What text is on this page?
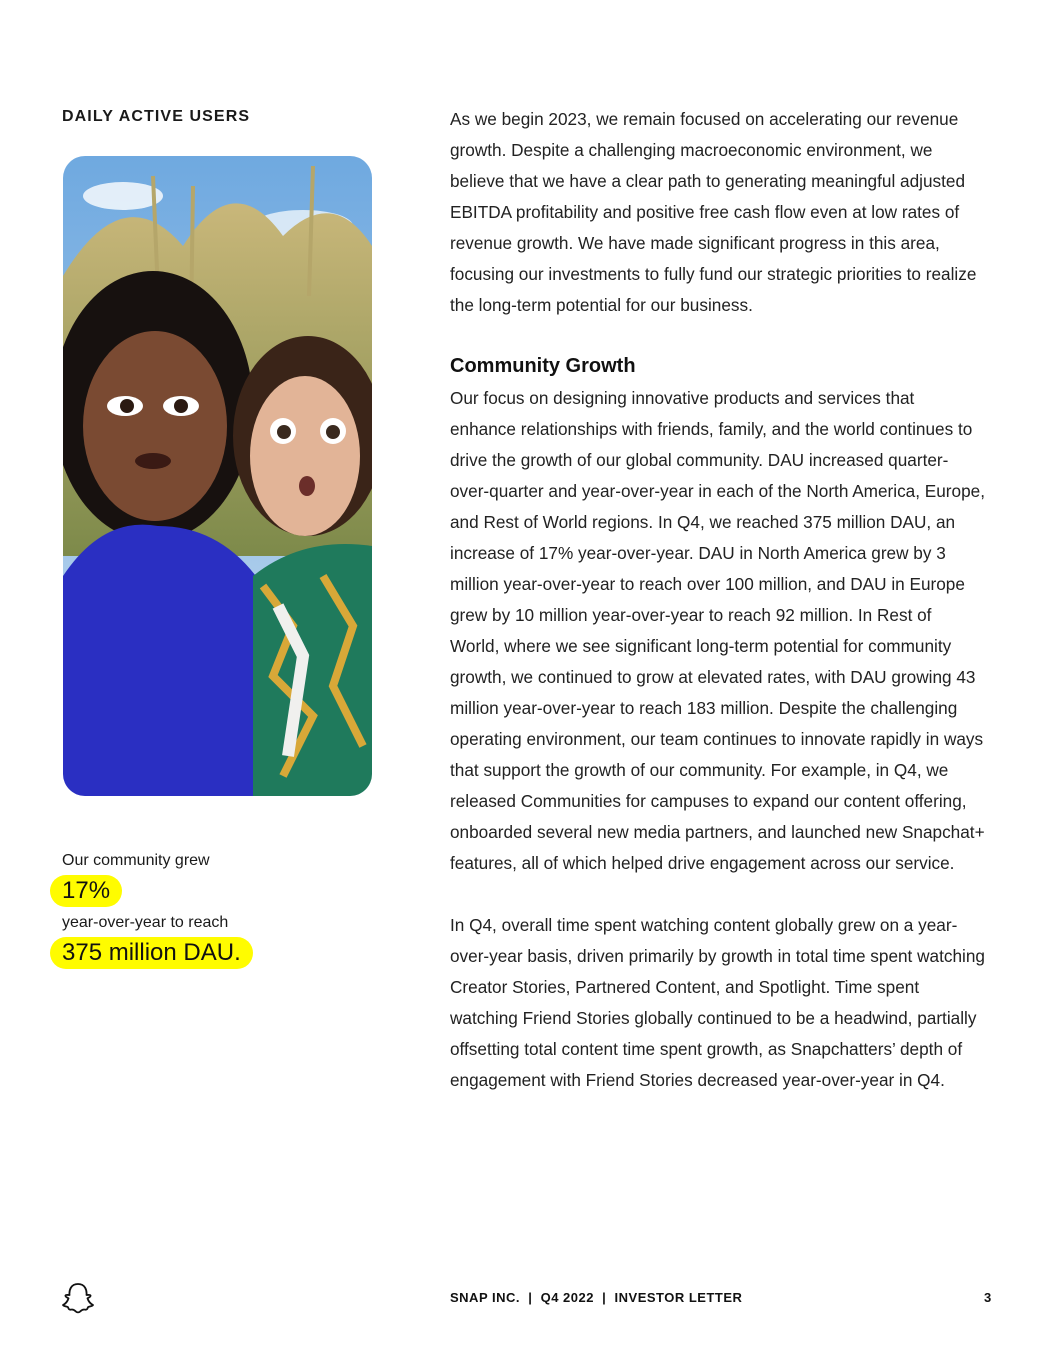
DAILY ACTIVE USERS

Our community grew

17%

year-over-year to reach

375 million DAU.

As we begin 2023, we remain focused on accelerating our revenue growth. Despite a challenging macroeconomic environment, we believe that we have a clear path to generating meaningful adjusted EBITDA profitability and positive free cash flow even at low rates of revenue growth. We have made significant progress in this area, focusing our investments to fully fund our strategic priorities to realize the long-term potential for our business.

Community Growth

Our focus on designing innovative products and services that enhance relationships with friends, family, and the world continues to drive the growth of our global community. DAU increased quarter-over-quarter and year-over-year in each of the North America, Europe, and Rest of World regions. In Q4, we reached 375 million DAU, an increase of 17% year-over-year. DAU in North America grew by 3 million year-over-year to reach over 100 million, and DAU in Europe grew by 10 million year-over-year to reach 92 million. In Rest of World, where we see significant long-term potential for community growth, we continued to grow at elevated rates, with DAU growing 43 million year-over-year to reach 183 million. Despite the challenging operating environment, our team continues to innovate rapidly in ways that support the growth of our community. For example, in Q4, we released Communities for campuses to expand our content offering, onboarded several new media partners, and launched new Snapchat+ features, all of which helped drive engagement across our service.

In Q4, overall time spent watching content globally grew on a year-over-year basis, driven primarily by growth in total time spent watching Creator Stories, Partnered Content, and Spotlight. Time spent watching Friend Stories globally continued to be a headwind, partially offsetting total content time spent growth, as Snapchatters’ depth of engagement with Friend Stories decreased year-over-year in Q4.

SNAP INC.  |  Q4 2022  |  INVESTOR LETTER	3
